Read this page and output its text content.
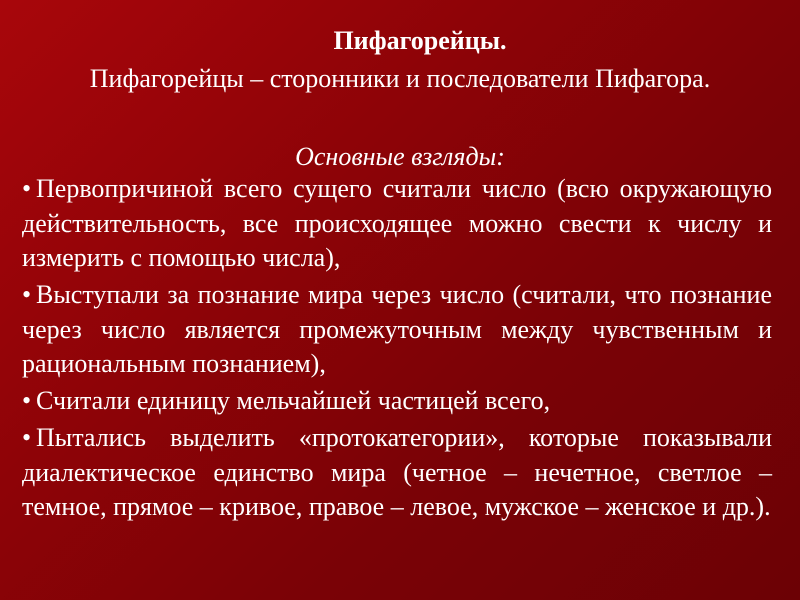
Пифагорейцы.
Пифагорейцы – сторонники и последователи Пифагора.
Основные взгляды:
• Первопричиной всего сущего считали число (всю окружающую действительность, все происходящее можно свести к числу и измерить с помощью числа),
• Выступали за познание мира через число (считали, что познание через число является промежуточным между чувственным и рациональным познанием),
• Считали единицу мельчайшей частицей всего,
• Пытались выделить «протокатегории», которые показывали диалектическое единство мира (четное – нечетное, светлое – темное, прямое – кривое, правое – левое, мужское – женское и др.).
